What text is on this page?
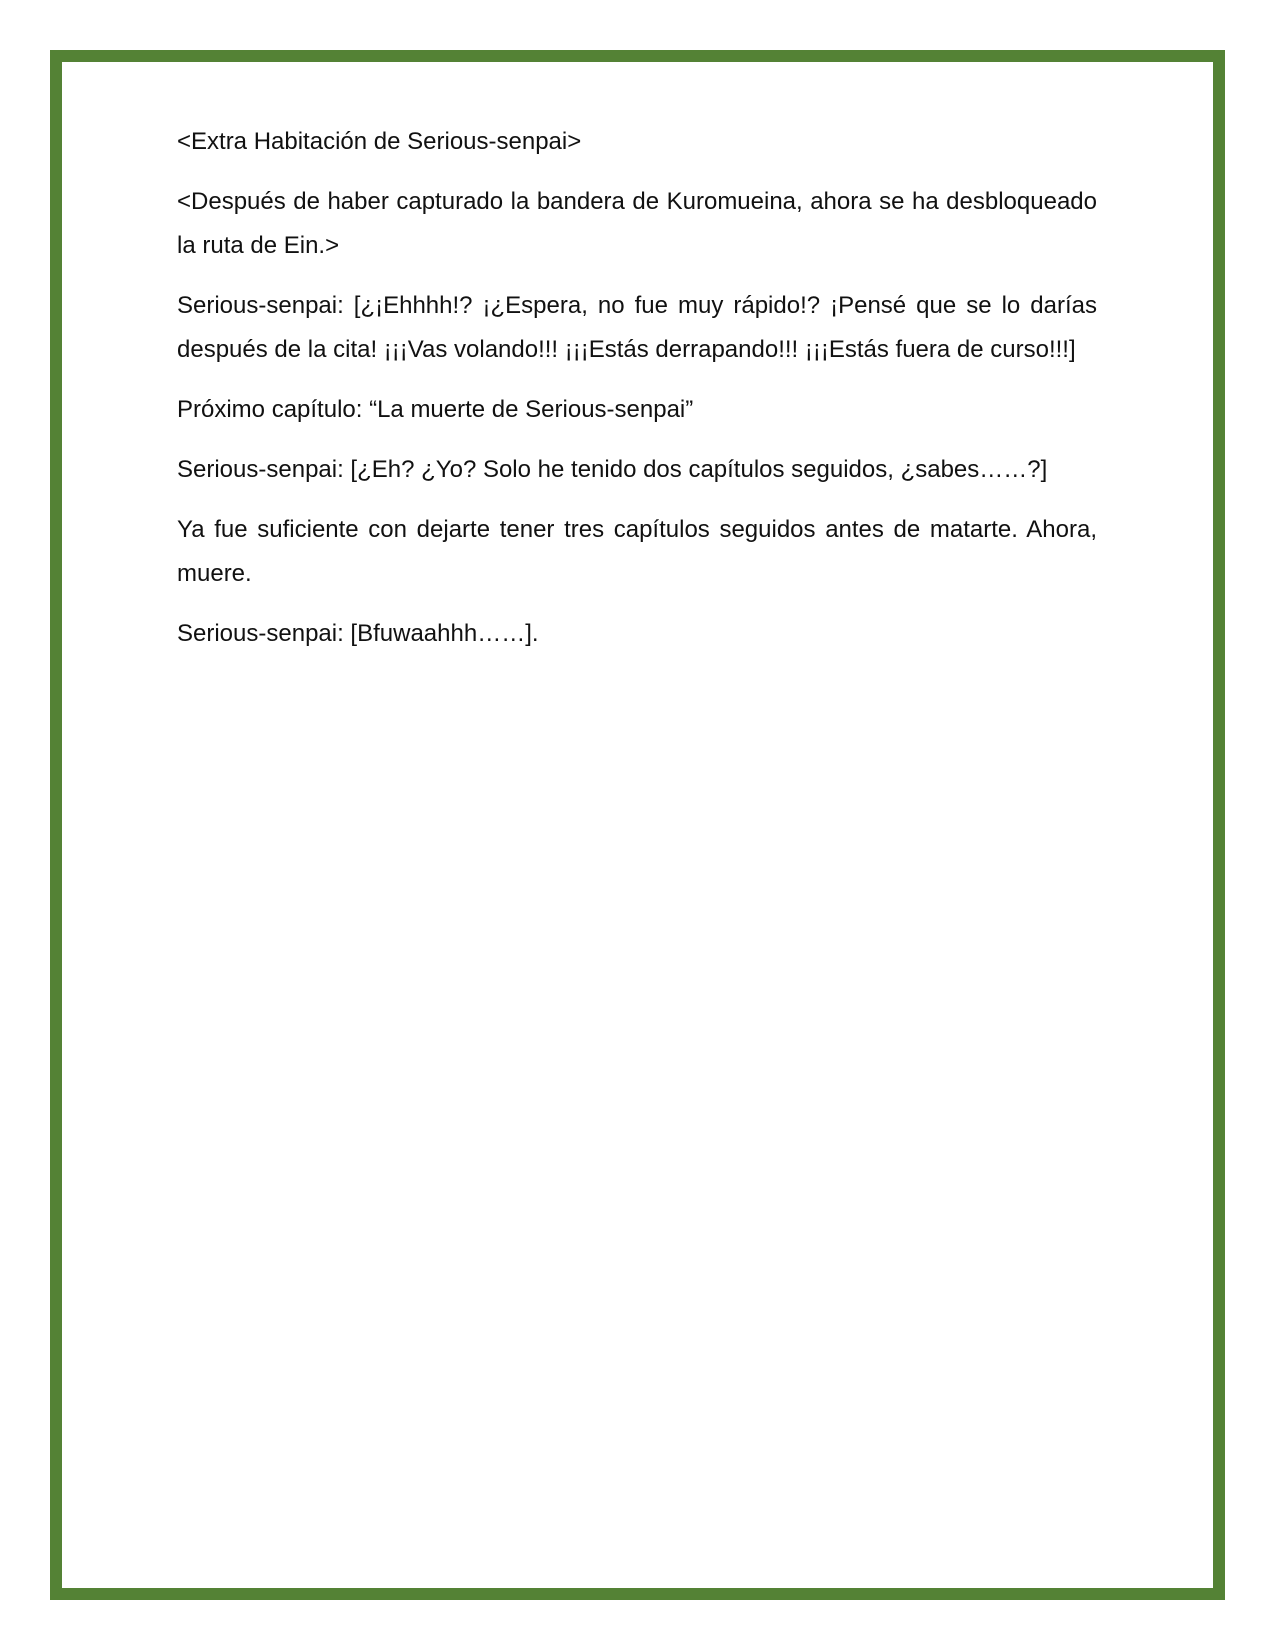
<Extra Habitación de Serious-senpai>

<Después de haber capturado la bandera de Kuromueina, ahora se ha desbloqueado la ruta de Ein.>

Serious-senpai: [¿¡Ehhhh!? ¡¿Espera, no fue muy rápido!? ¡Pensé que se lo darías después de la cita! ¡¡¡Vas volando!!! ¡¡¡Estás derrapando!!! ¡¡¡Estás fuera de curso!!!]

Próximo capítulo: “La muerte de Serious-senpai”

Serious-senpai: [¿Eh? ¿Yo? Solo he tenido dos capítulos seguidos, ¿sabes……?]

Ya fue suficiente con dejarte tener tres capítulos seguidos antes de matarte. Ahora, muere.

Serious-senpai: [Bfuwaahhh……].
